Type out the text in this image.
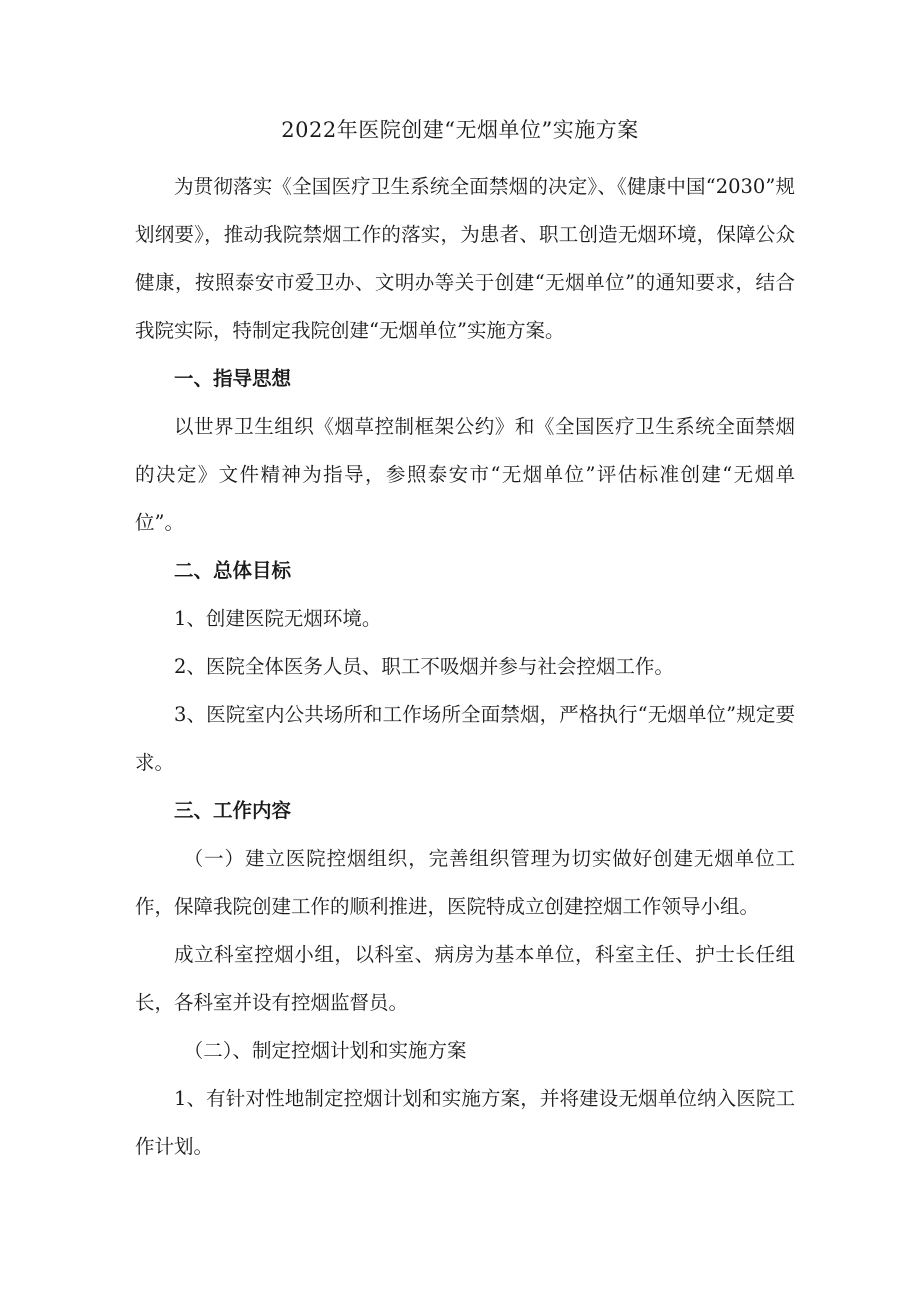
2022年医院创建“无烟单位”实施方案

为贯彻落实《全国医疗卫生系统全面禁烟的决定》、《健康中国“2030”规划纲要》，推动我院禁烟工作的落实，为患者、职工创造无烟环境，保障公众健康，按照泰安市爱卫办、文明办等关于创建“无烟单位”的通知要求，结合我院实际，特制定我院创建“无烟单位”实施方案。

一、指导思想

以世界卫生组织《烟草控制框架公约》和《全国医疗卫生系统全面禁烟的决定》文件精神为指导，参照泰安市“无烟单位”评估标准创建“无烟单位”。

二、总体目标

1、创建医院无烟环境。

2、医院全体医务人员、职工不吸烟并参与社会控烟工作。

3、医院室内公共场所和工作场所全面禁烟，严格执行“无烟单位”规定要求。

三、工作内容

（一）建立医院控烟组织，完善组织管理为切实做好创建无烟单位工作，保障我院创建工作的顺利推进，医院特成立创建控烟工作领导小组。

成立科室控烟小组，以科室、病房为基本单位，科室主任、护士长任组长，各科室并设有控烟监督员。

（二）、制定控烟计划和实施方案

1、有针对性地制定控烟计划和实施方案，并将建设无烟单位纳入医院工作计划。
